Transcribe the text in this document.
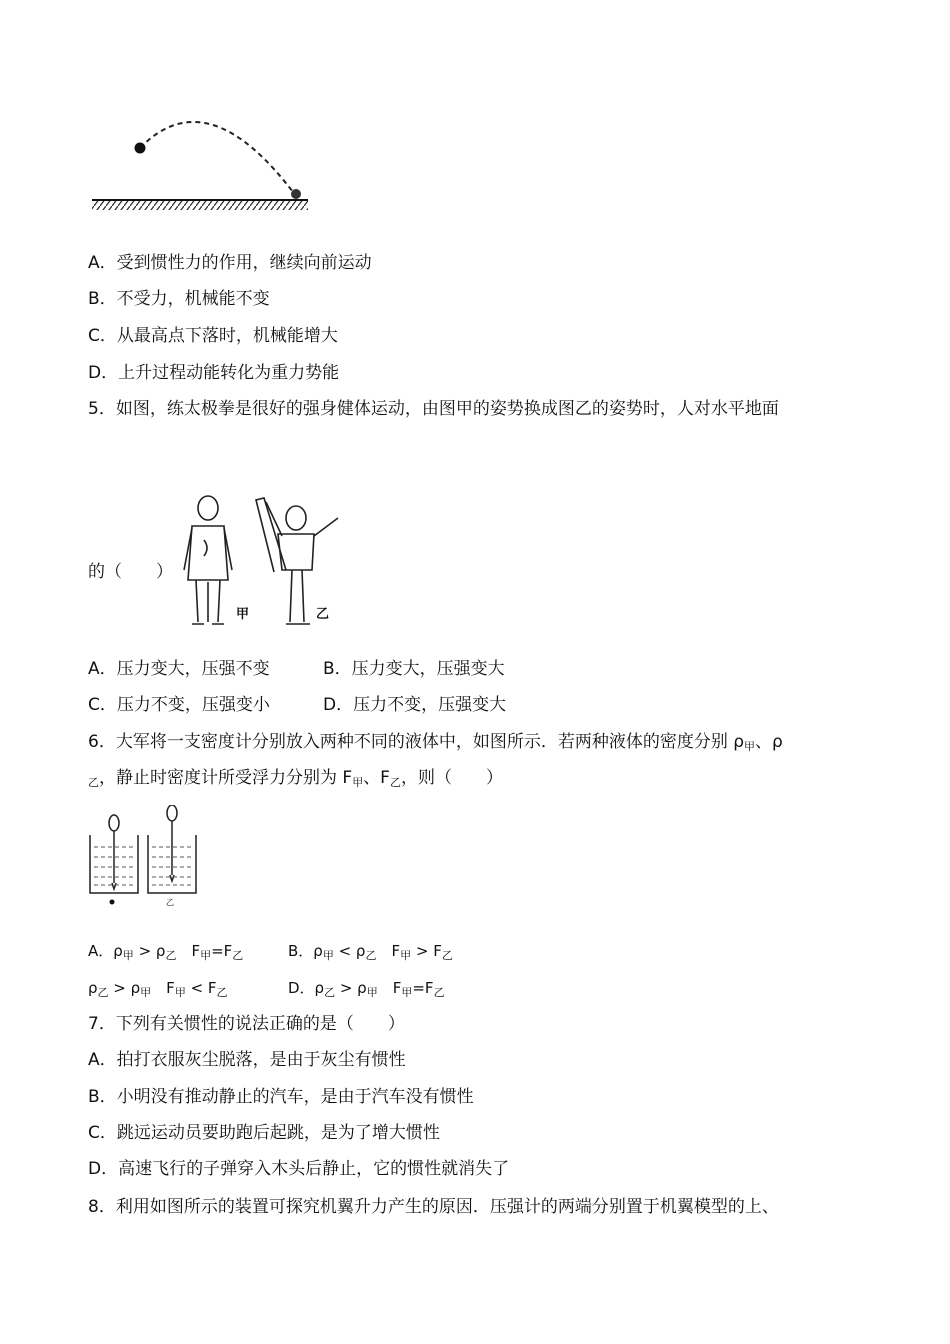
A．受到惯性力的作用，继续向前运动
B．不受力，机械能不变
C．从最高点下落时，机械能增大
D．上升过程动能转化为重力势能
5．如图，练太极拳是很好的强身健体运动，由图甲的姿势换成图乙的姿势时，人对水平地面
的（　　）
甲	乙
A．压力变大，压强不变	B．压力变大，压强变大
C．压力不变，压强变小	D．压力不变，压强变大
6．大军将一支密度计分别放入两种不同的液体中，如图所示．若两种液体的密度分别 $\rho_甲$、ρ
$_乙$，静止时密度计所受浮力分别为 $F_甲$、$F_乙$，则（　　）
乙
A．$\rho_甲 > \rho_乙$　$F_甲=F_乙$	B．$\rho_甲 < \rho_乙$　$F_甲 > F_乙$
$\rho_乙 > \rho_甲$　$F_甲 < F_乙$	D．$\rho_乙 > \rho_甲$　$F_甲=F_乙$
7．下列有关惯性的说法正确的是（　　）
A．拍打衣服灰尘脱落，是由于灰尘有惯性
B．小明没有推动静止的汽车，是由于汽车没有惯性
C．跳远运动员要助跑后起跳，是为了增大惯性
D．高速飞行的子弹穿入木头后静止，它的惯性就消失了
8．利用如图所示的装置可探究机翼升力产生的原因．压强计的两端分别置于机翼模型的上、
